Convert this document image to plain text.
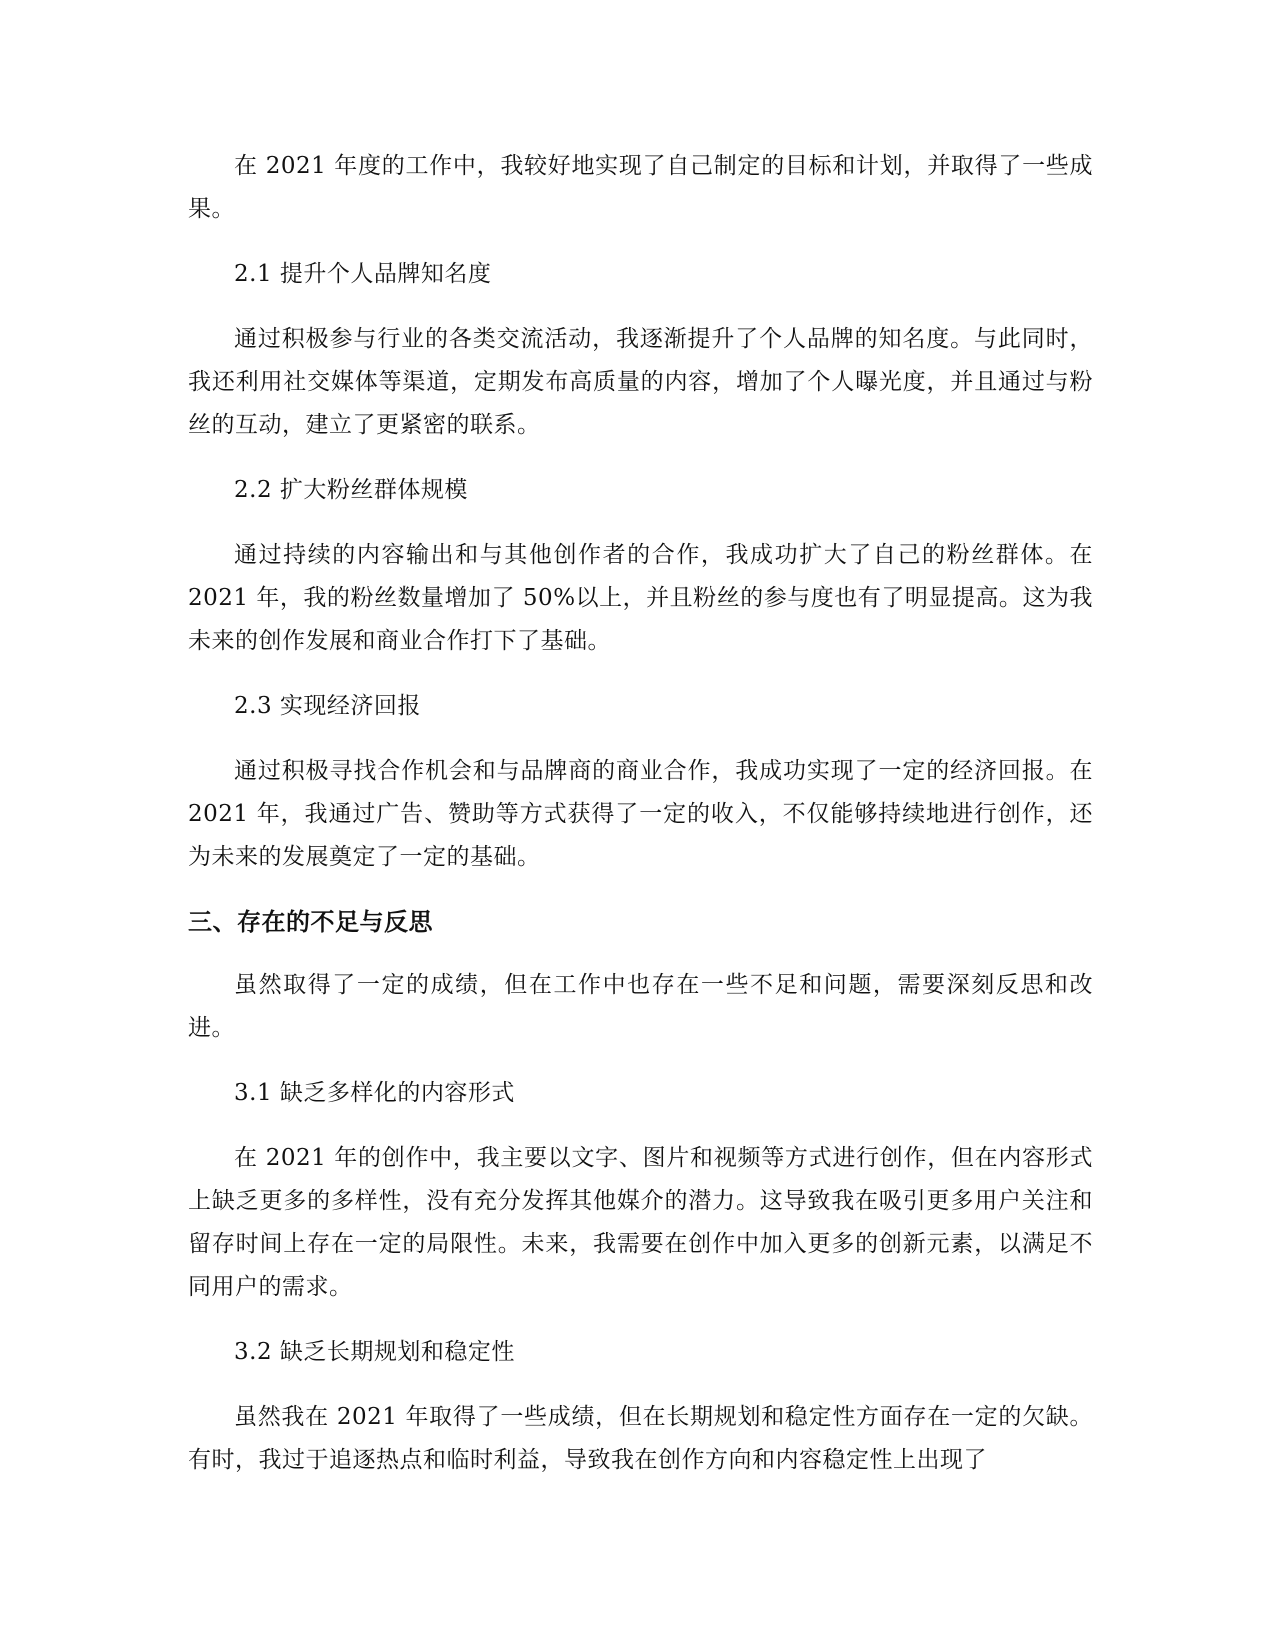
在 2021 年度的工作中，我较好地实现了自己制定的目标和计划，并取得了一些成果。

2.1 提升个人品牌知名度

通过积极参与行业的各类交流活动，我逐渐提升了个人品牌的知名度。与此同时，我还利用社交媒体等渠道，定期发布高质量的内容，增加了个人曝光度，并且通过与粉丝的互动，建立了更紧密的联系。

2.2 扩大粉丝群体规模

通过持续的内容输出和与其他创作者的合作，我成功扩大了自己的粉丝群体。在 2021 年，我的粉丝数量增加了 50%以上，并且粉丝的参与度也有了明显提高。这为我未来的创作发展和商业合作打下了基础。

2.3 实现经济回报

通过积极寻找合作机会和与品牌商的商业合作，我成功实现了一定的经济回报。在 2021 年，我通过广告、赞助等方式获得了一定的收入，不仅能够持续地进行创作，还为未来的发展奠定了一定的基础。

三、存在的不足与反思

虽然取得了一定的成绩，但在工作中也存在一些不足和问题，需要深刻反思和改进。

3.1 缺乏多样化的内容形式

在 2021 年的创作中，我主要以文字、图片和视频等方式进行创作，但在内容形式上缺乏更多的多样性，没有充分发挥其他媒介的潜力。这导致我在吸引更多用户关注和留存时间上存在一定的局限性。未来，我需要在创作中加入更多的创新元素，以满足不同用户的需求。

3.2 缺乏长期规划和稳定性

虽然我在 2021 年取得了一些成绩，但在长期规划和稳定性方面存在一定的欠缺。有时，我过于追逐热点和临时利益，导致我在创作方向和内容稳定性上出现了
